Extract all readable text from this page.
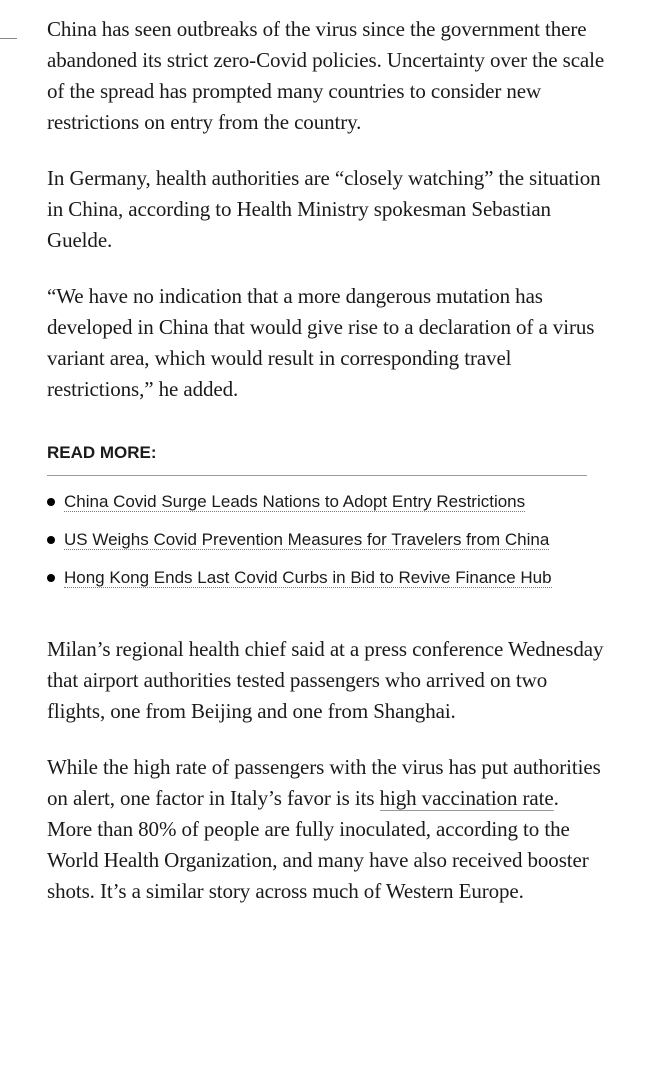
China has seen outbreaks of the virus since the government there abandoned its strict zero-Covid policies. Uncertainty over the scale of the spread has prompted many countries to consider new restrictions on entry from the country.

In Germany, health authorities are “closely watching” the situation in China, according to Health Ministry spokesman Sebastian Guelde.

“We have no indication that a more dangerous mutation has developed in China that would give rise to a declaration of a virus variant area, which would result in corresponding travel restrictions,” he added.

READ MORE:
China Covid Surge Leads Nations to Adopt Entry Restrictions
US Weighs Covid Prevention Measures for Travelers from China
Hong Kong Ends Last Covid Curbs in Bid to Revive Finance Hub

Milan’s regional health chief said at a press conference Wednesday that airport authorities tested passengers who arrived on two flights, one from Beijing and one from Shanghai.

While the high rate of passengers with the virus has put authorities on alert, one factor in Italy’s favor is its high vaccination rate. More than 80% of people are fully inoculated, according to the World Health Organization, and many have also received booster shots. It’s a similar story across much of Western Europe.
